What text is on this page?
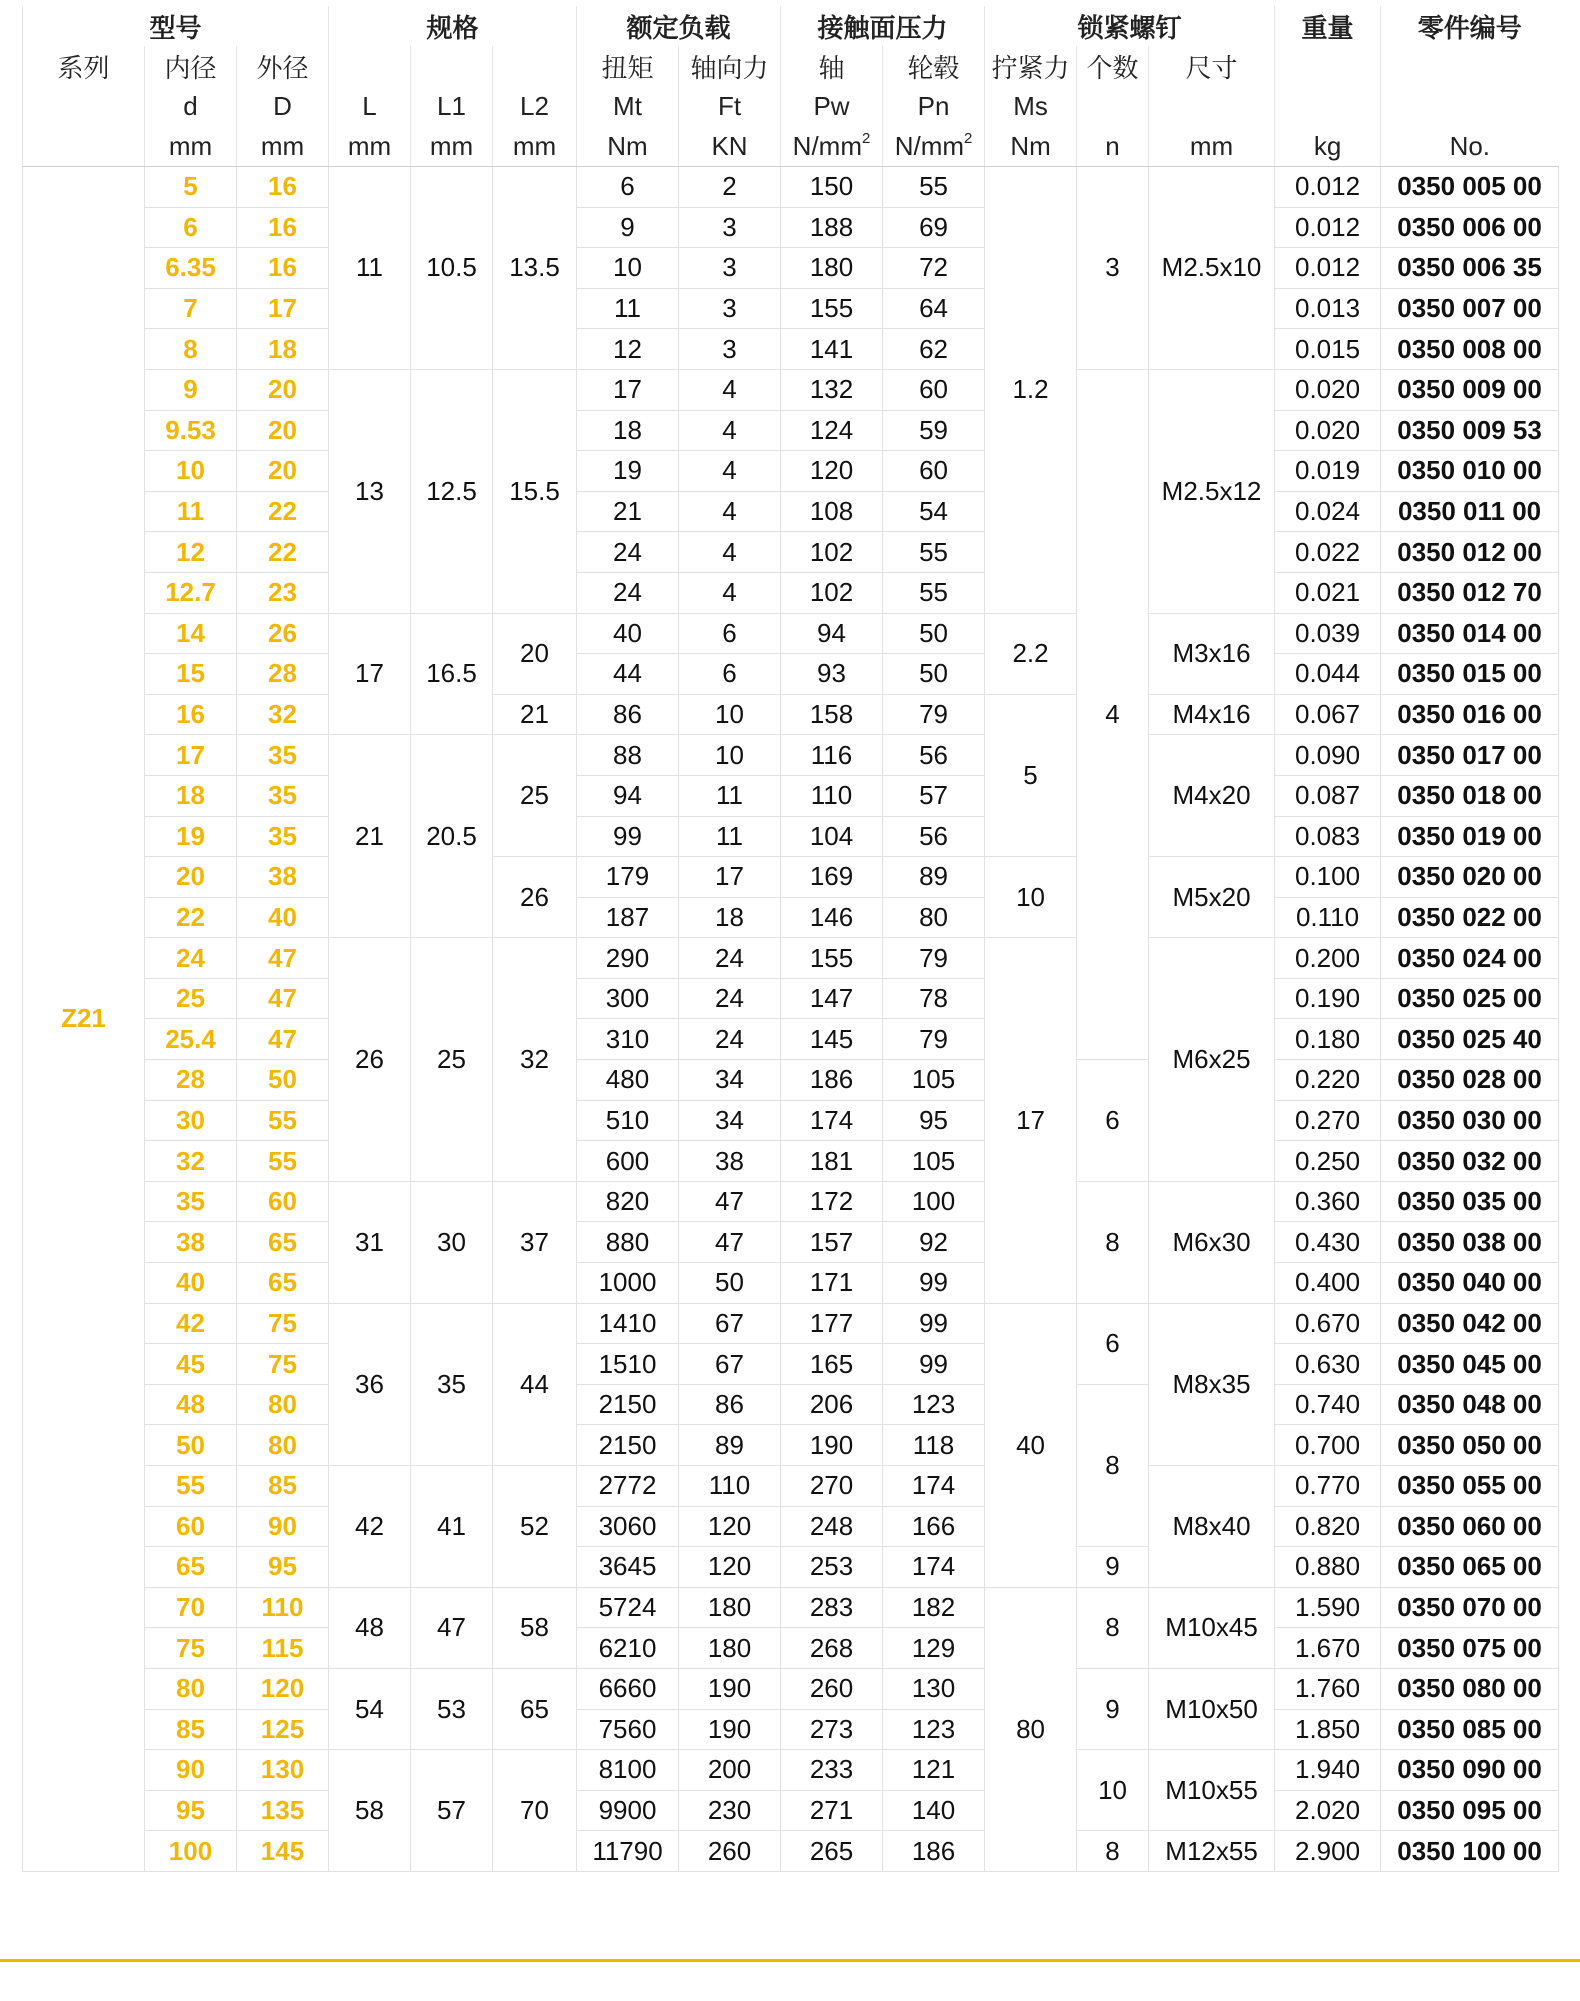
型号			规格			额定负载		接触面压力		锁紧螺钉			重量	零件编号
系列	内径	外径				扭矩	轴向力	轴	轮毂	拧紧力	个数	尺寸		
	d	D	L	L1	L2	Mt	Ft	Pw	Pn	Ms				
	mm	mm	mm	mm	mm	Nm	KN	$N/mm^2$	$N/mm^2$	Nm	n	mm	kg	No.
Z21	5	16	11	10.5	13.5	6	2	150	55	1.2	3	M2.5x10	0.012	0350 005 00
	6	16				9	3	188	69				0.012	0350 006 00
	6.35	16				10	3	180	72				0.012	0350 006 35
	7	17				11	3	155	64				0.013	0350 007 00
	8	18				12	3	141	62				0.015	0350 008 00
	9	20	13	12.5	15.5	17	4	132	60		4	M2.5x12	0.020	0350 009 00
	9.53	20				18	4	124	59				0.020	0350 009 53
	10	20				19	4	120	60				0.019	0350 010 00
	11	22				21	4	108	54				0.024	0350 011 00
	12	22				24	4	102	55				0.022	0350 012 00
	12.7	23				24	4	102	55				0.021	0350 012 70
	14	26	17	16.5	20	40	6	94	50	2.2		M3x16	0.039	0350 014 00
	15	28				44	6	93	50				0.044	0350 015 00
	16	32			21	86	10	158	79	5		M4x16	0.067	0350 016 00
	17	35	21	20.5	25	88	10	116	56			M4x20	0.090	0350 017 00
	18	35				94	11	110	57				0.087	0350 018 00
	19	35				99	11	104	56				0.083	0350 019 00
	20	38			26	179	17	169	89	10		M5x20	0.100	0350 020 00
	22	40				187	18	146	80				0.110	0350 022 00
	24	47	26	25	32	290	24	155	79	17		M6x25	0.200	0350 024 00
	25	47				300	24	147	78				0.190	0350 025 00
	25.4	47				310	24	145	79				0.180	0350 025 40
	28	50				480	34	186	105		6		0.220	0350 028 00
	30	55				510	34	174	95				0.270	0350 030 00
	32	55				600	38	181	105				0.250	0350 032 00
	35	60	31	30	37	820	47	172	100		8	M6x30	0.360	0350 035 00
	38	65				880	47	157	92				0.430	0350 038 00
	40	65				1000	50	171	99				0.400	0350 040 00
	42	75	36	35	44	1410	67	177	99	40	6	M8x35	0.670	0350 042 00
	45	75				1510	67	165	99				0.630	0350 045 00
	48	80				2150	86	206	123		8		0.740	0350 048 00
	50	80				2150	89	190	118				0.700	0350 050 00
	55	85	42	41	52	2772	110	270	174			M8x40	0.770	0350 055 00
	60	90				3060	120	248	166				0.820	0350 060 00
	65	95				3645	120	253	174		9		0.880	0350 065 00
	70	110	48	47	58	5724	180	283	182	80	8	M10x45	1.590	0350 070 00
	75	115				6210	180	268	129				1.670	0350 075 00
	80	120	54	53	65	6660	190	260	130		9	M10x50	1.760	0350 080 00
	85	125				7560	190	273	123				1.850	0350 085 00
	90	130	58	57	70	8100	200	233	121		10	M10x55	1.940	0350 090 00
	95	135				9900	230	271	140				2.020	0350 095 00
	100	145				11790	260	265	186		8	M12x55	2.900	0350 100 00
